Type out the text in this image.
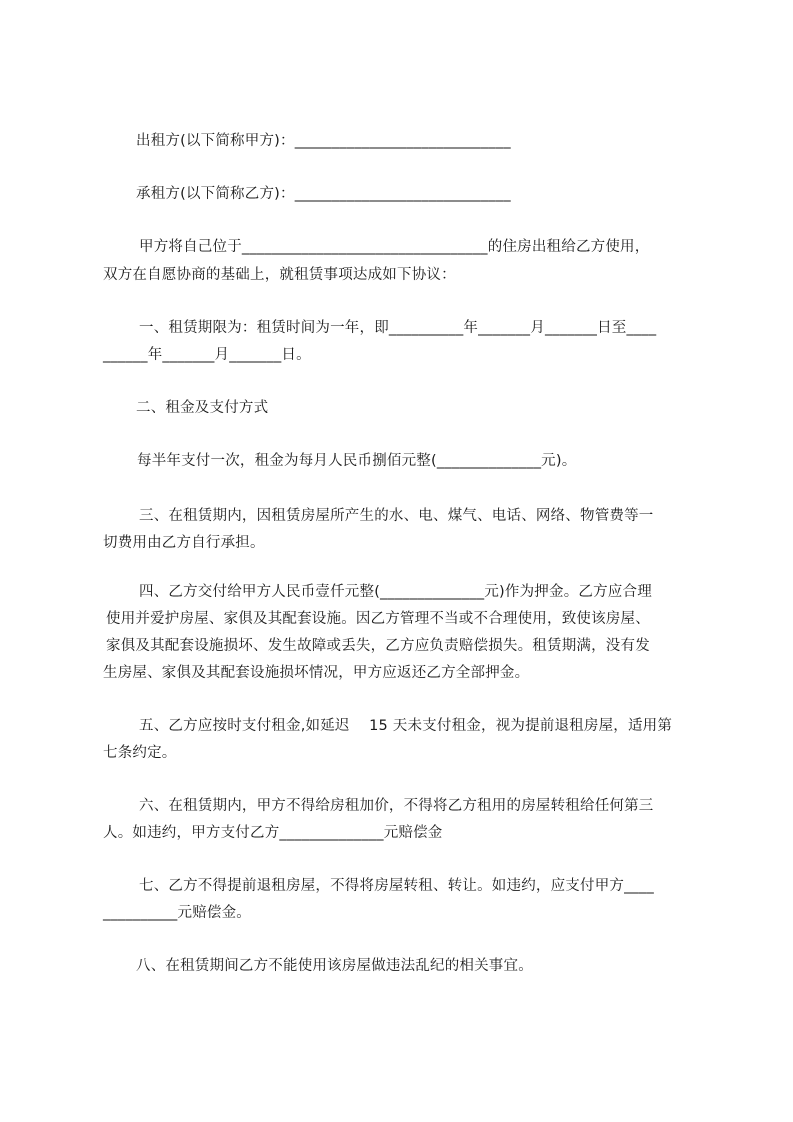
出租方(以下简称甲方)：_____________________________

承租方(以下简称乙方)：_____________________________

甲方将自己位于_________________________________的住房出租给乙方使用，

双方在自愿协商的基础上，就租赁事项达成如下协议：

一、租赁期限为：租赁时间为一年，即__________年_______月_______日至____

______年_______月_______日。

二、租金及支付方式

每半年支付一次，租金为每月人民币捌佰元整(______________元)。

三、在租赁期内，因租赁房屋所产生的水、电、煤气、电话、网络、物管费等一

切费用由乙方自行承担。

四、乙方交付给甲方人民币壹仟元整(______________元)作为押金。乙方应合理

使用并爱护房屋、家俱及其配套设施。因乙方管理不当或不合理使用，致使该房屋、

家俱及其配套设施损坏、发生故障或丢失，乙方应负责赔偿损失。租赁期满，没有发

生房屋、家俱及其配套设施损坏情况，甲方应返还乙方全部押金。

五、乙方应按时支付租金,如延迟　 15 天未支付租金，视为提前退租房屋，适用第

七条约定。

六、在租赁期内，甲方不得给房租加价，不得将乙方租用的房屋转租给任何第三

人。如违约，甲方支付乙方______________元赔偿金

七、乙方不得提前退租房屋，不得将房屋转租、转让。如违约，应支付甲方____

__________元赔偿金。

八、在租赁期间乙方不能使用该房屋做违法乱纪的相关事宜。
